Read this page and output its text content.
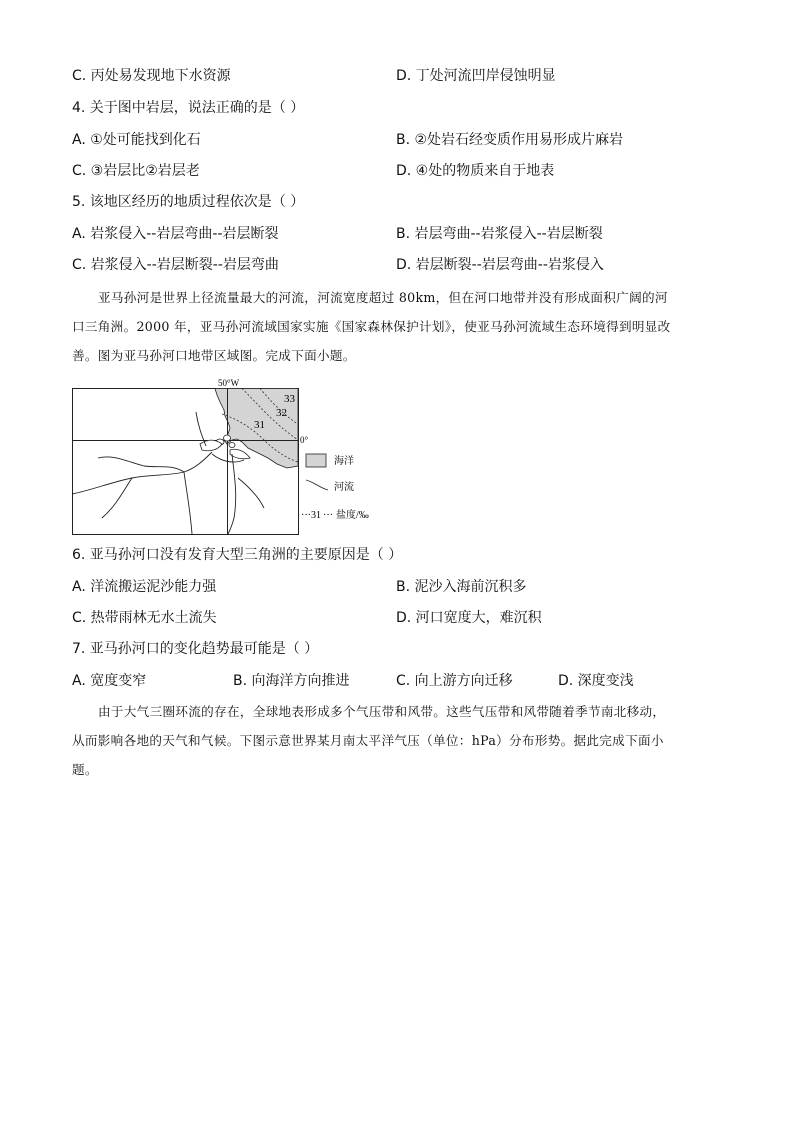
C. 丙处易发现地下水资源	D. 丁处河流凹岸侵蚀明显
4. 关于图中岩层，说法正确的是（ ）
A. ①处可能找到化石	B. ②处岩石经变质作用易形成片麻岩
C. ③岩层比②岩层老	D. ④处的物质来自于地表
5. 该地区经历的地质过程依次是（ ）
A. 岩浆侵入--岩层弯曲--岩层断裂	B. 岩层弯曲--岩浆侵入--岩层断裂
C. 岩浆侵入--岩层断裂--岩层弯曲	D. 岩层断裂--岩层弯曲--岩浆侵入
亚马孙河是世界上径流量最大的河流，河流宽度超过 80km，但在河口地带并没有形成面积广阔的河
口三角洲。2000 年，亚马孙河流域国家实施《国家森林保护计划》，使亚马孙河流域生态环境得到明显改
善。图为亚马孙河口地带区域图。完成下面小题。
50°W
0°
33
32
31
海洋
河流
··· 31 ··· 盐度/‰
6. 亚马孙河口没有发育大型三角洲的主要原因是（ ）
A. 洋流搬运泥沙能力强	B. 泥沙入海前沉积多
C. 热带雨林无水土流失	D. 河口宽度大，难沉积
7. 亚马孙河口的变化趋势最可能是（ ）
A. 宽度变窄	B. 向海洋方向推进	C. 向上游方向迁移	D. 深度变浅
由于大气三圈环流的存在，全球地表形成多个气压带和风带。这些气压带和风带随着季节南北移动，
从而影响各地的天气和气候。下图示意世界某月南太平洋气压（单位：hPa）分布形势。据此完成下面小
题。
